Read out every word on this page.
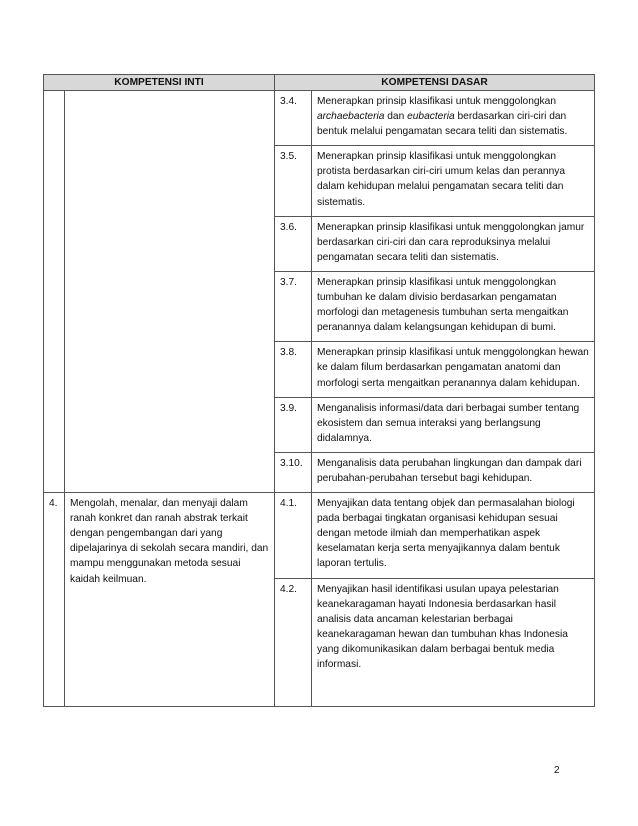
KOMPETENSI INTI		KOMPETENSI DASAR	
		3.4.	Menerapkan prinsip klasifikasi untuk menggolongkan archaebacteria dan eubacteria berdasarkan ciri-ciri dan bentuk melalui pengamatan secara teliti dan sistematis.
		3.5.	Menerapkan prinsip klasifikasi untuk menggolongkan protista berdasarkan ciri-ciri umum kelas dan perannya dalam kehidupan melalui pengamatan secara teliti dan sistematis.
		3.6.	Menerapkan prinsip klasifikasi untuk menggolongkan jamur berdasarkan ciri-ciri dan cara reproduksinya melalui pengamatan secara teliti dan sistematis.
		3.7.	Menerapkan prinsip klasifikasi untuk menggolongkan tumbuhan ke dalam divisio berdasarkan pengamatan morfologi dan metagenesis tumbuhan serta mengaitkan peranannya dalam kelangsungan kehidupan di bumi.
		3.8.	Menerapkan prinsip klasifikasi untuk menggolongkan hewan ke dalam filum berdasarkan pengamatan anatomi dan morfologi serta mengaitkan peranannya dalam kehidupan.
		3.9.	Menganalisis informasi/data dari berbagai sumber tentang ekosistem dan semua interaksi yang berlangsung didalamnya.
		3.10.	Menganalisis data perubahan lingkungan dan dampak dari perubahan-perubahan tersebut bagi kehidupan.
4.	Mengolah, menalar, dan menyaji dalam ranah konkret dan ranah abstrak terkait dengan pengembangan dari yang dipelajarinya di sekolah secara mandiri, dan mampu menggunakan metoda sesuai kaidah keilmuan.	4.1.	Menyajikan data tentang objek dan permasalahan biologi pada berbagai tingkatan organisasi kehidupan sesuai dengan metode ilmiah dan memperhatikan aspek keselamatan kerja serta menyajikannya dalam bentuk laporan tertulis.
		4.2.	Menyajikan hasil identifikasi usulan upaya pelestarian keanekaragaman hayati Indonesia berdasarkan hasil analisis data ancaman kelestarian berbagai keanekaragaman hewan dan tumbuhan khas Indonesia yang dikomunikasikan dalam berbagai bentuk media informasi.
2
